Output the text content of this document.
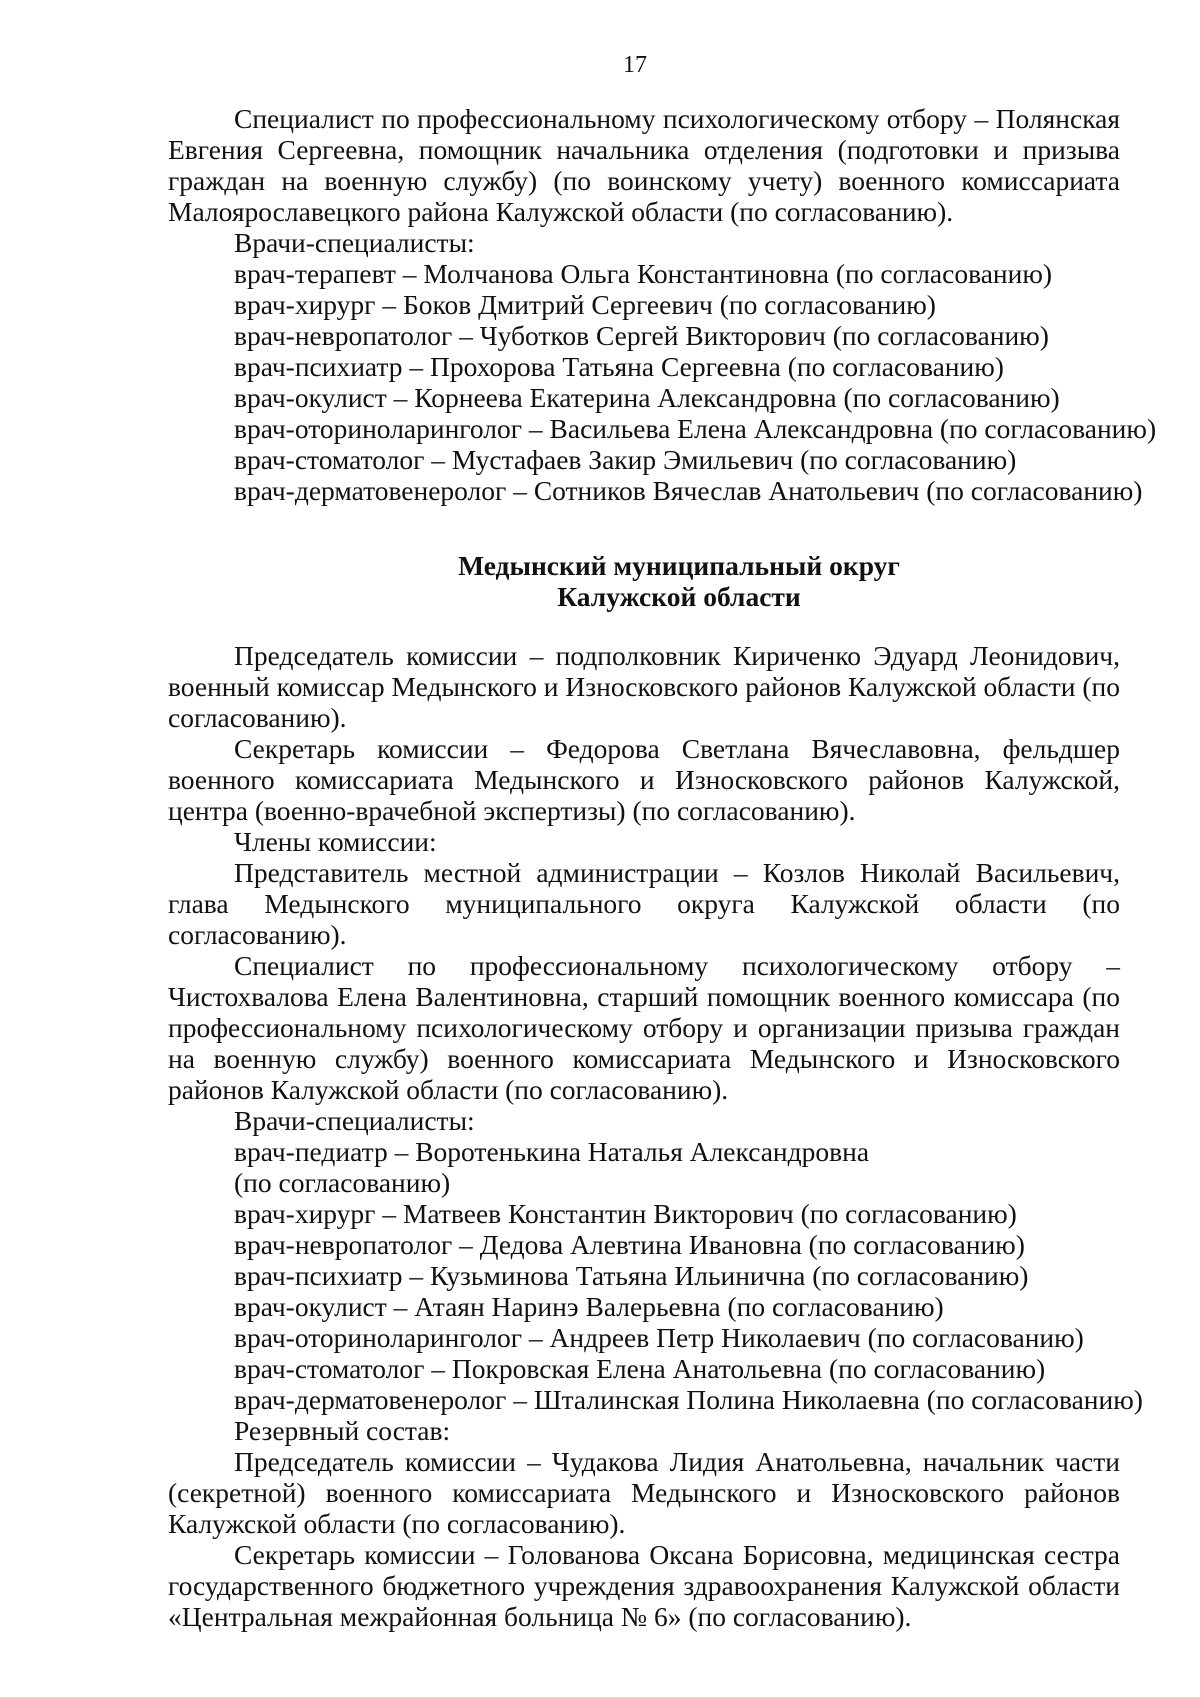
17

Специалист по профессиональному психологическому отбору – Полянская Евгения Сергеевна, помощник начальника отделения (подготовки и призыва граждан на военную службу) (по воинскому учету) военного комиссариата Малоярославецкого района Калужской области (по согласованию).

Врачи-специалисты:

врач-терапевт – Молчанова Ольга Константиновна (по согласованию)

врач-хирург – Боков Дмитрий Сергеевич (по согласованию)

врач-невропатолог – Чуботков Сергей Викторович (по согласованию)

врач-психиатр – Прохорова Татьяна Сергеевна (по согласованию)

врач-окулист – Корнеева Екатерина Александровна (по согласованию)

врач-оториноларинголог – Васильева Елена Александровна (по согласованию)

врач-стоматолог – Мустафаев Закир Эмильевич (по согласованию)

врач-дерматовенеролог – Сотников Вячеслав Анатольевич (по согласованию)

Медынский муниципальный округ

Калужской области

Председатель комиссии – подполковник Кириченко Эдуард Леонидович, военный комиссар Медынского и Износковского районов Калужской области (по согласованию).

Секретарь комиссии – Федорова Светлана Вячеславовна, фельдшер военного комиссариата Медынского и Износковского районов Калужской, центра (военно-врачебной экспертизы) (по согласованию).

Члены комиссии:

Представитель местной администрации – Козлов Николай Васильевич, глава Медынского муниципального округа Калужской области (по согласованию).

Специалист по профессиональному психологическому отбору – Чистохвалова Елена Валентиновна, старший помощник военного комиссара (по профессиональному психологическому отбору и организации призыва граждан на военную службу) военного комиссариата Медынского и Износковского районов Калужской области (по согласованию).

Врачи-специалисты:

врач-педиатр – Воротенькина Наталья Александровна

(по согласованию)

врач-хирург – Матвеев Константин Викторович (по согласованию)

врач-невропатолог – Дедова Алевтина Ивановна (по согласованию)

врач-психиатр – Кузьминова Татьяна Ильинична (по согласованию)

врач-окулист – Атаян Наринэ Валерьевна (по согласованию)

врач-оториноларинголог – Андреев Петр Николаевич (по согласованию)

врач-стоматолог – Покровская Елена Анатольевна (по согласованию)

врач-дерматовенеролог – Шталинская Полина Николаевна (по согласованию)

Резервный состав:

Председатель комиссии – Чудакова Лидия Анатольевна, начальник части (секретной) военного комиссариата Медынского и Износковского районов Калужской области (по согласованию).

Секретарь комиссии – Голованова Оксана Борисовна, медицинская сестра государственного бюджетного учреждения здравоохранения Калужской области «Центральная межрайонная больница № 6» (по согласованию).
